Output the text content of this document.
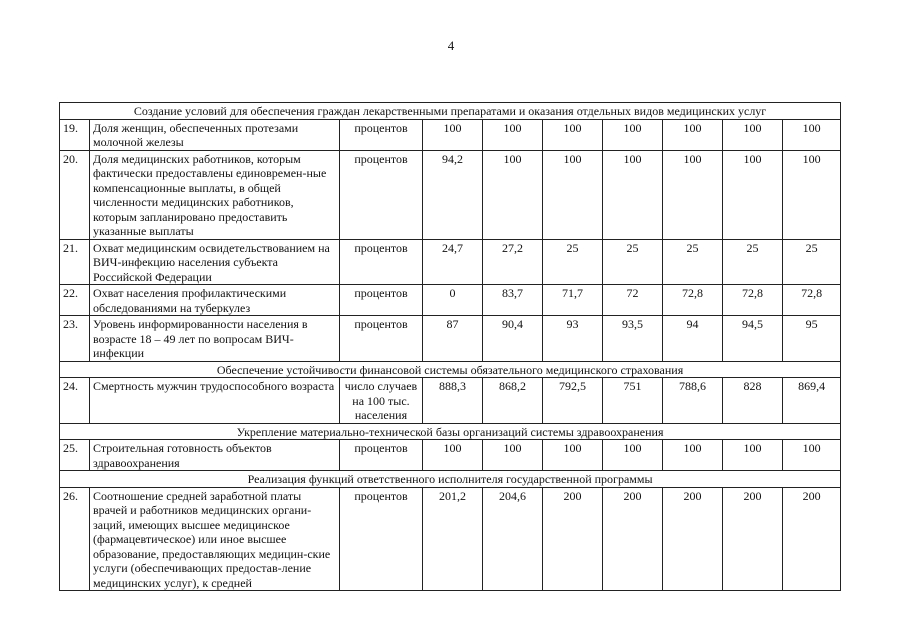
4
Создание условий для обеспечения граждан лекарственными препаратами и оказания отдельных видов медицинских услуг									
19.	Доля женщин, обеспеченных протезами молочной железы	процентов	100	100	100	100	100	100	100
20.	Доля медицинских работников, которым фактически предоставлены единовремен-ные компенсационные выплаты, в общей численности медицинских работников, которым запланировано предоставить указанные выплаты	процентов	94,2	100	100	100	100	100	100
21.	Охват медицинским освидетельствованием на ВИЧ-инфекцию населения субъекта Российской Федерации	процентов	24,7	27,2	25	25	25	25	25
22.	Охват населения профилактическими обследованиями на туберкулез	процентов	0	83,7	71,7	72	72,8	72,8	72,8
23.	Уровень информированности населения в возрасте 18 – 49 лет по вопросам ВИЧ-инфекции	процентов	87	90,4	93	93,5	94	94,5	95
Обеспечение устойчивости финансовой системы обязательного медицинского страхования									
24.	Смертность мужчин трудоспособного возраста	число случаев на 100 тыс. населения	888,3	868,2	792,5	751	788,6	828	869,4
Укрепление материально-технической базы организаций системы здравоохранения									
25.	Строительная готовность объектов здравоохранения	процентов	100	100	100	100	100	100	100
Реализация функций ответственного исполнителя государственной программы									
26.	Соотношение средней заработной платы врачей и работников медицинских органи-заций, имеющих высшее медицинское (фармацевтическое) или иное высшее образование, предоставляющих медицин-ские услуги (обеспечивающих предостав-ление медицинских услуг), к средней	процентов	201,2	204,6	200	200	200	200	200
